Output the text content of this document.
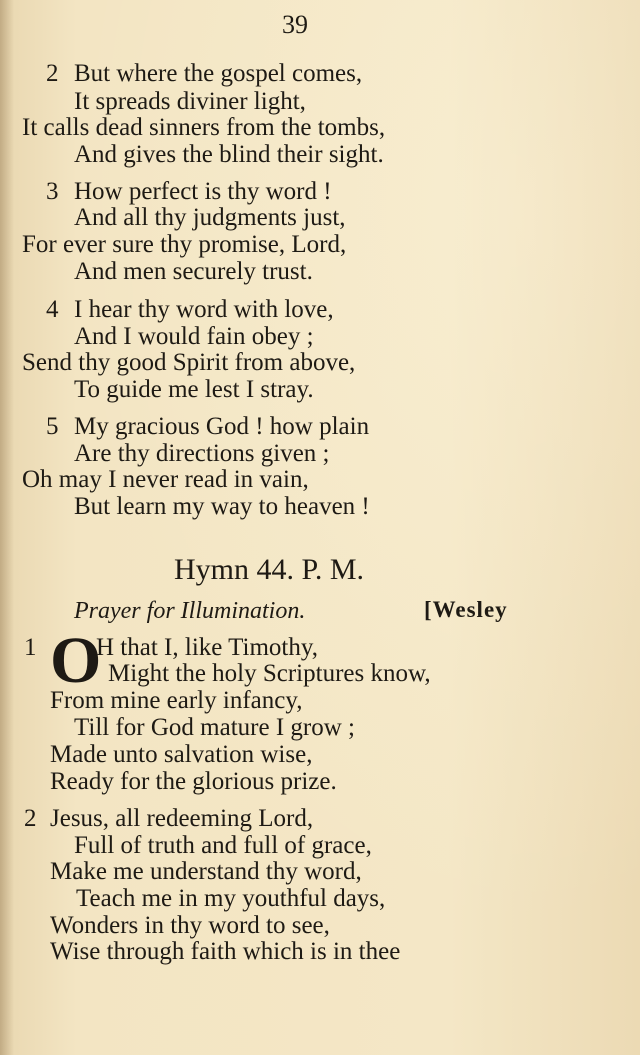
39
2 But where the gospel comes,
It spreads diviner light,
It calls dead sinners from the tombs,
And gives the blind their sight.
3 How perfect is thy word !
And all thy judgments just,
For ever sure thy promise, Lord,
And men securely trust.
4 I hear thy word with love,
And I would fain obey ;
Send thy good Spirit from above,
To guide me lest I stray.
5 My gracious God ! how plain
Are thy directions given ;
Oh may I never read in vain,
But learn my way to heaven !
Hymn 44. P. M.
Prayer for Illumination.	[Wesley
1 O
H that I, like Timothy,
Might the holy Scriptures know,
From mine early infancy,
Till for God mature I grow ;
Made unto salvation wise,
Ready for the glorious prize.
2 Jesus, all redeeming Lord,
Full of truth and full of grace,
Make me understand thy word,
Teach me in my youthful days,
Wonders in thy word to see,
Wise through faith which is in thee
